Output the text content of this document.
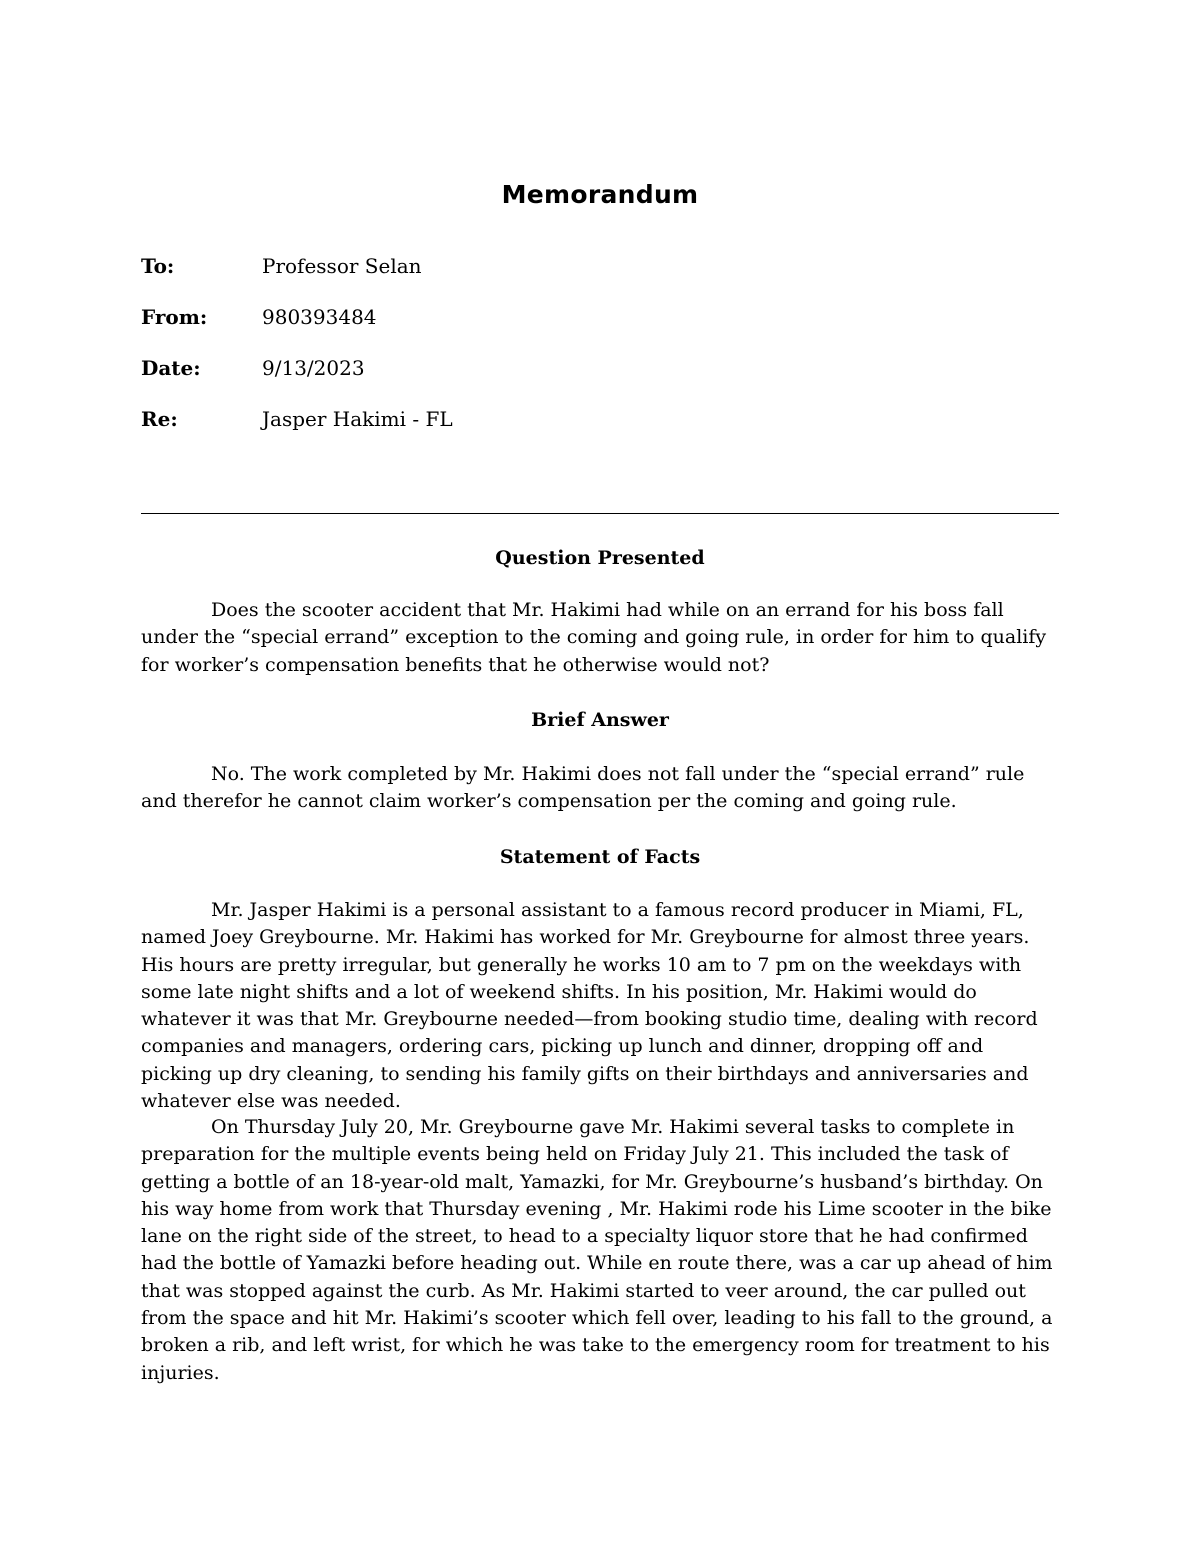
Memorandum
To:	Professor Selan
From:	980393484
Date:	9/13/2023
Re:	Jasper Hakimi - FL
Question Presented

Does the scooter accident that Mr. Hakimi had while on an errand for his boss fall under the “special errand” exception to the coming and going rule, in order for him to qualify for worker’s compensation benefits that he otherwise would not?

Brief Answer

No. The work completed by Mr. Hakimi does not fall under the “special errand” rule and therefor he cannot claim worker’s compensation per the coming and going rule.

Statement of Facts

Mr. Jasper Hakimi is a personal assistant to a famous record producer in Miami, FL, named Joey Greybourne. Mr. Hakimi has worked for Mr. Greybourne for almost three years. His hours are pretty irregular, but generally he works 10 am to 7 pm on the weekdays with some late night shifts and a lot of weekend shifts. In his position, Mr. Hakimi would do whatever it was that Mr. Greybourne needed—from booking studio time, dealing with record companies and managers, ordering cars, picking up lunch and dinner, dropping off and picking up dry cleaning, to sending his family gifts on their birthdays and anniversaries and whatever else was needed.

On Thursday July 20, Mr. Greybourne gave Mr. Hakimi several tasks to complete in preparation for the multiple events being held on Friday July 21. This included the task of getting a bottle of an 18-year-old malt, Yamazki, for Mr. Greybourne’s husband’s birthday. On his way home from work that Thursday evening , Mr. Hakimi rode his Lime scooter in the bike lane on the right side of the street, to head to a specialty liquor store that he had confirmed had the bottle of Yamazki before heading out. While en route there, was a car up ahead of him that was stopped against the curb. As Mr. Hakimi started to veer around, the car pulled out from the space and hit Mr. Hakimi’s scooter which fell over, leading to his fall to the ground, a broken a rib, and left wrist, for which he was take to the emergency room for treatment to his injuries.
